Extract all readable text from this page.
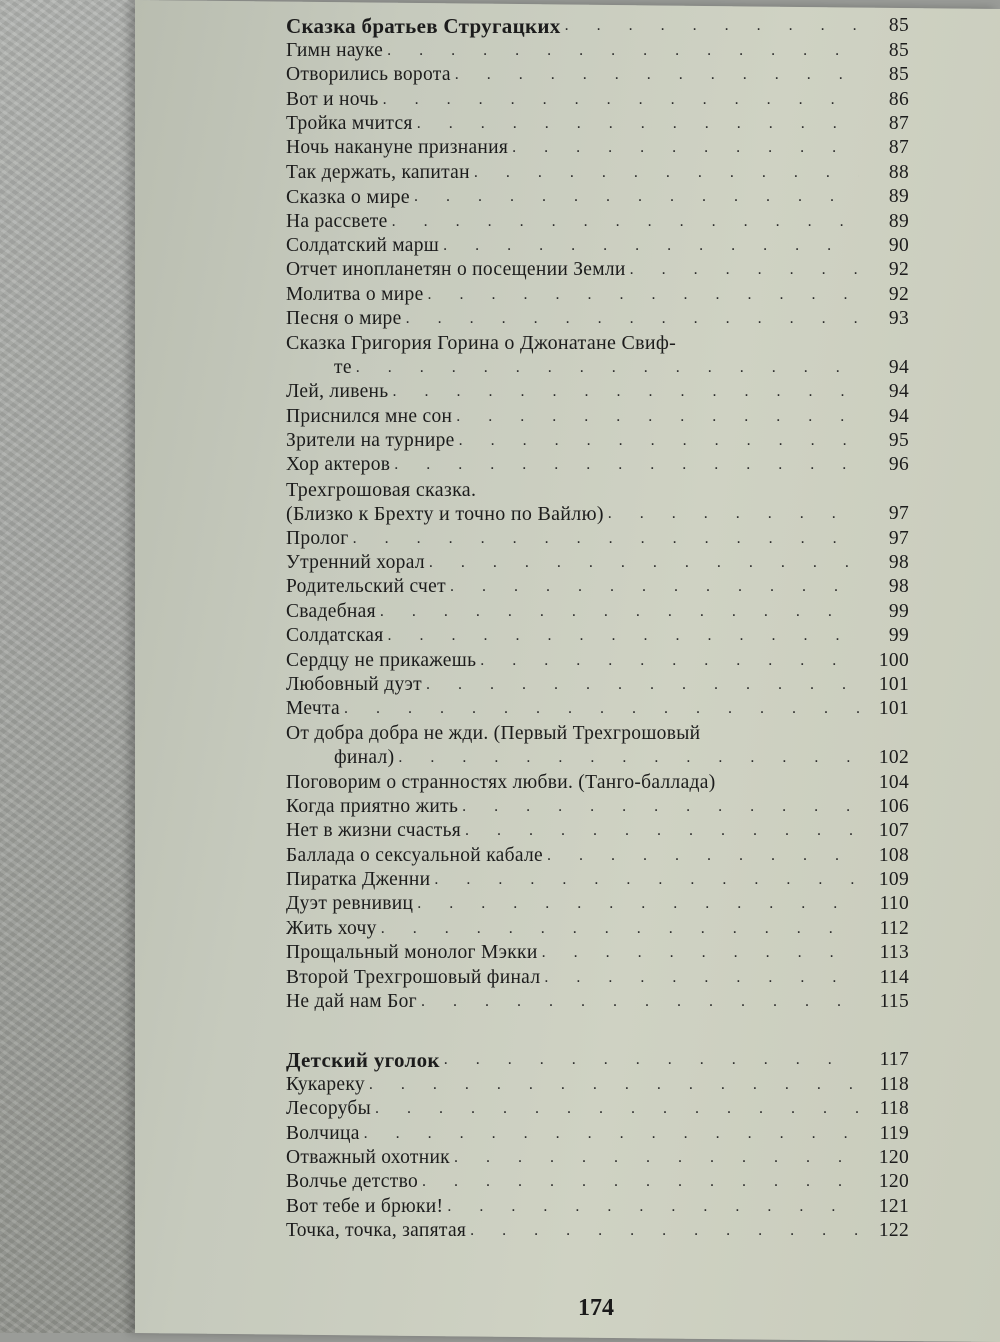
Сказка братьев Стругацких . . .	85
Гимн науке . . .	85
Отворились ворота . . .	85
Вот и ночь . . .	86
Тройка мчится . . .	87
Ночь накануне признания . . .	87
Так держать, капитан . . .	88
Сказка о мире . . .	89
На рассвете . . .	89
Солдатский марш . . .	90
Отчет инопланетян о посещении Земли . . .	92
Молитва о мире . . .	92
Песня о мире . . .	93
Сказка Григория Горина о Джонатане Свиф-
те . . .	94
Лей, ливень . . .	94
Приснился мне сон . . .	94
Зрители на турнире . . .	95
Хор актеров . . .	96
Трехгрошовая сказка.
(Близко к Брехту и точно по Вайлю) . . .	97
Пролог . . .	97
Утренний хорал . . .	98
Родительский счет . . .	98
Свадебная . . .	99
Солдатская . . .	99
Сердцу не прикажешь . . .	100
Любовный дуэт . . .	101
Мечта . . .	101
От добра добра не жди. (Первый Трехгрошовый
финал) . . .	102
Поговорим о странностях любви. (Танго-баллада)	104
Когда приятно жить . . .	106
Нет в жизни счастья . . .	107
Баллада о сексуальной кабале . . .	108
Пиратка Дженни . . .	109
Дуэт ревнивиц . . .	110
Жить хочу . . .	112
Прощальный монолог Мэкки . . .	113
Второй Трехгрошовый финал . . .	114
Не дай нам Бог . . .	115
Детский уголок . . .	117
Кукареку . . .	118
Лесорубы . . .	118
Волчица . . .	119
Отважный охотник . . .	120
Волчье детство . . .	120
Вот тебе и брюки! . . .	121
Точка, точка, запятая . . .	122
174
